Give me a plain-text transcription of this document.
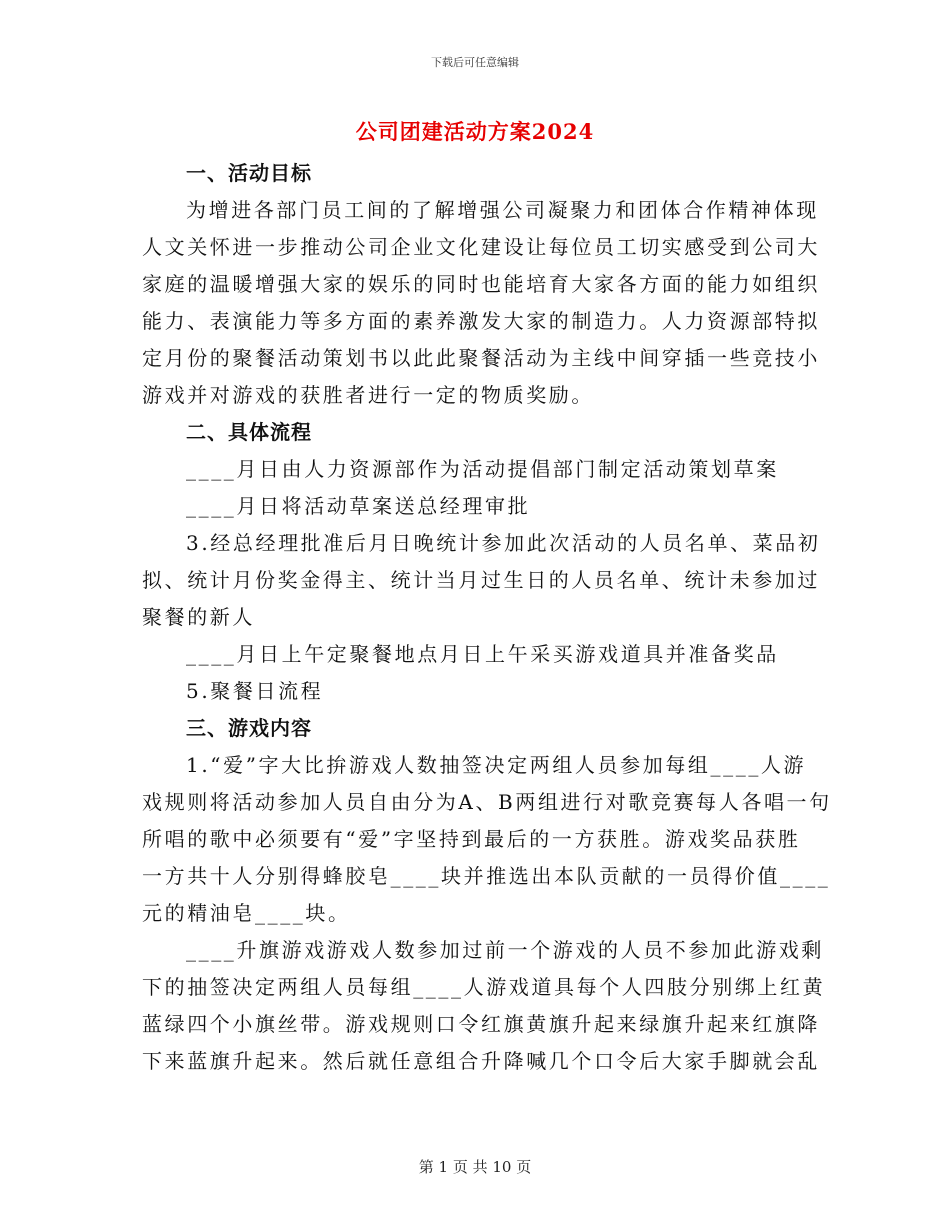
下载后可任意编辑
公司团建活动方案2024
一、活动目标
为增进各部门员工间的了解增强公司凝聚力和团体合作精神体现
人文关怀进一步推动公司企业文化建设让每位员工切实感受到公司大
家庭的温暖增强大家的娱乐的同时也能培育大家各方面的能力如组织
能力、表演能力等多方面的素养激发大家的制造力。人力资源部特拟
定月份的聚餐活动策划书以此此聚餐活动为主线中间穿插一些竞技小
游戏并对游戏的获胜者进行一定的物质奖励。
二、具体流程
____月日由人力资源部作为活动提倡部门制定活动策划草案
____月日将活动草案送总经理审批
3.经总经理批准后月日晚统计参加此次活动的人员名单、菜品初
拟、统计月份奖金得主、统计当月过生日的人员名单、统计未参加过
聚餐的新人
____月日上午定聚餐地点月日上午采买游戏道具并准备奖品
5.聚餐日流程
三、游戏内容
1.“爱”字大比拚游戏人数抽签决定两组人员参加每组____人游
戏规则将活动参加人员自由分为A、B两组进行对歌竞赛每人各唱一句
所唱的歌中必须要有“爱”字坚持到最后的一方获胜。游戏奖品获胜
一方共十人分别得蜂胶皂____块并推选出本队贡献的一员得价值____
元的精油皂____块。
____升旗游戏游戏人数参加过前一个游戏的人员不参加此游戏剩
下的抽签决定两组人员每组____人游戏道具每个人四肢分别绑上红黄
蓝绿四个小旗丝带。游戏规则口令红旗黄旗升起来绿旗升起来红旗降
下来蓝旗升起来。然后就任意组合升降喊几个口令后大家手脚就会乱
第 1 页 共 10 页
